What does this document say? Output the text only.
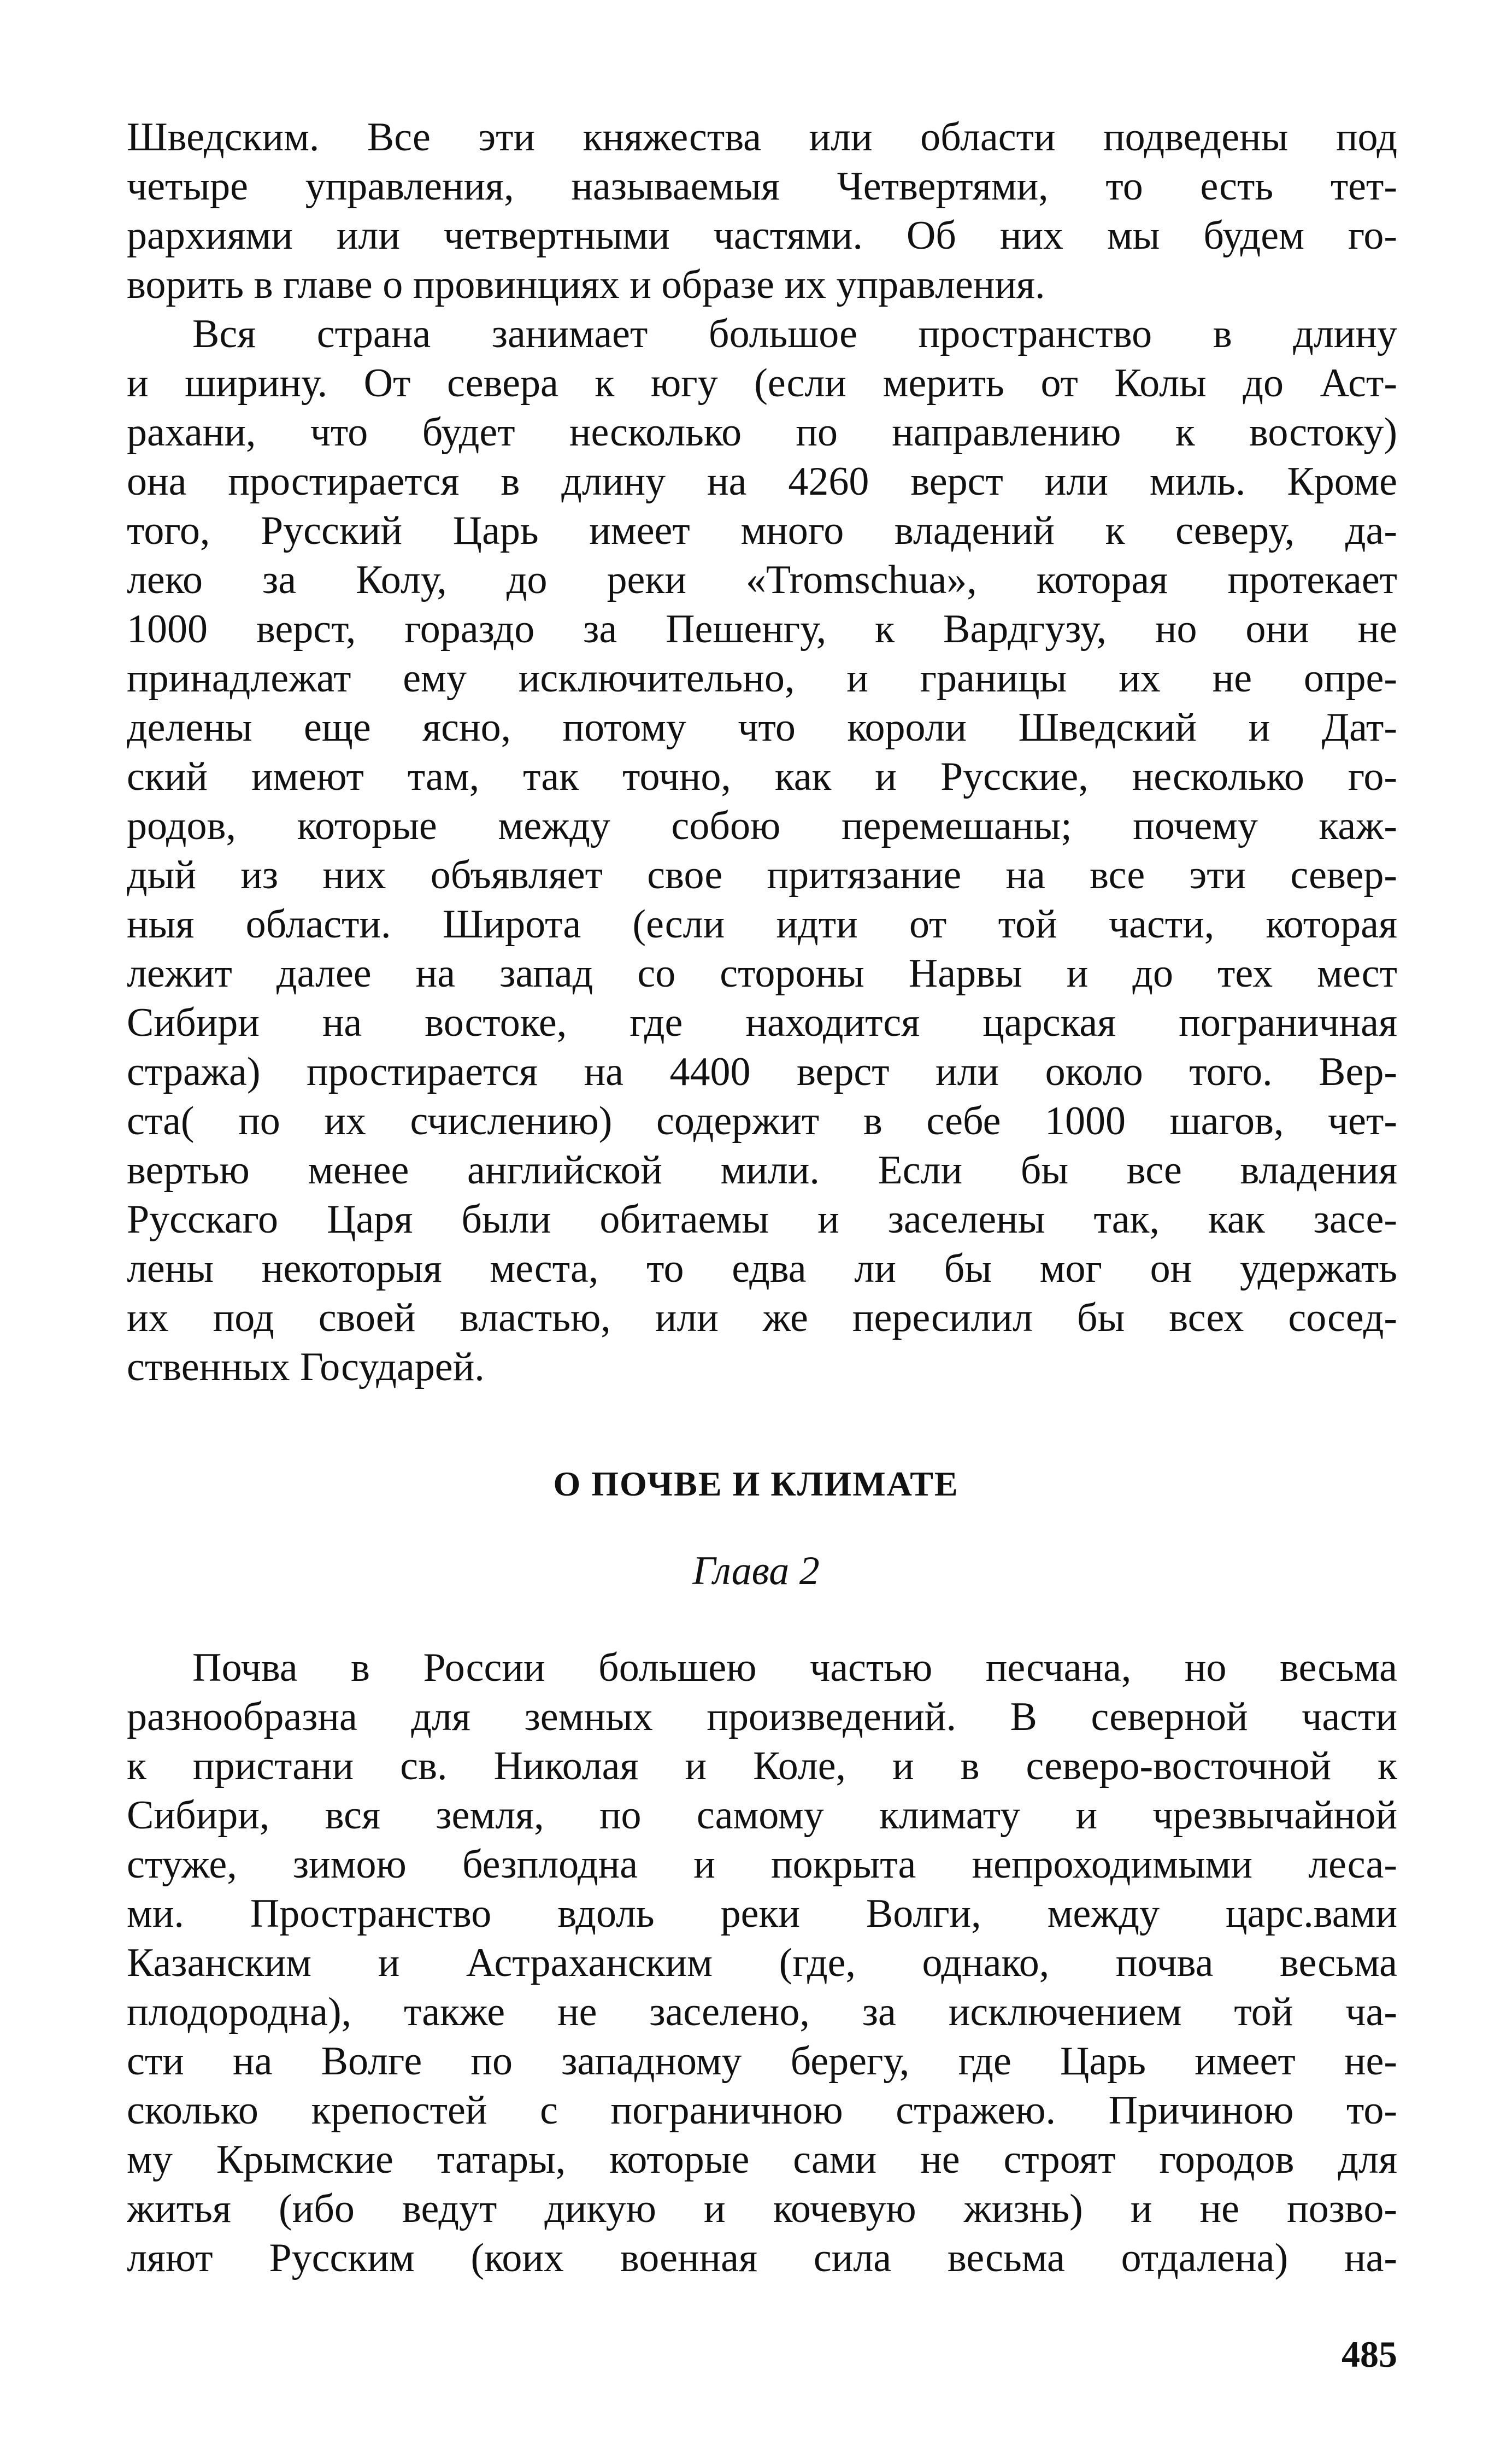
Шведским. Все эти княжества или области подведены под
четыре управления, называемыя Четвертями, то есть тет-
рархиями или четвертными частями. Об них мы будем го-
ворить в главе о провинциях и образе их управления.
Вся страна занимает большое пространство в длину
и ширину. От севера к югу (если мерить от Колы до Аст-
рахани, что будет несколько по направлению к востоку)
она простирается в длину на 4260 верст или миль. Кроме
того, Русский Царь имеет много владений к северу, да-
леко за Колу, до реки «Tromschua», которая протекает
1000 верст, гораздо за Пешенгу, к Вардгузу, но они не
принадлежат ему исключительно, и границы их не опре-
делены еще ясно, потому что короли Шведский и Дат-
ский имеют там, так точно, как и Русские, несколько го-
родов, которые между собою перемешаны; почему каж-
дый из них объявляет свое притязание на все эти север-
ныя области. Широта (если идти от той части, которая
лежит далее на запад со стороны Нарвы и до тех мест
Сибири на востоке, где находится царская пограничная
стража) простирается на 4400 верст или около того. Вер-
ста( по их счислению) содержит в себе 1000 шагов, чет-
вертью менее английской мили. Если бы все владения
Русскаго Царя были обитаемы и заселены так, как засе-
лены некоторыя места, то едва ли бы мог он удержать
их под своей властью, или же пересилил бы всех сосед-
ственных Государей.
О ПОЧВЕ И КЛИМАТЕ
Глава 2
Почва в России большею частью песчана, но весьма
разнообразна для земных произведений. В северной части
к пристани св. Николая и Коле, и в северо-восточной к
Сибири, вся земля, по самому климату и чрезвычайной
стуже, зимою безплодна и покрыта непроходимыми леса-
ми. Пространство вдоль реки Волги, между царс.вами
Казанским и Астраханским (где, однако, почва весьма
плодородна), также не заселено, за исключением той ча-
сти на Волге по западному берегу, где Царь имеет не-
сколько крепостей с пограничною стражею. Причиною то-
му Крымские татары, которые сами не строят городов для
житья (ибо ведут дикую и кочевую жизнь) и не позво-
ляют Русским (коих военная сила весьма отдалена) на-
485
